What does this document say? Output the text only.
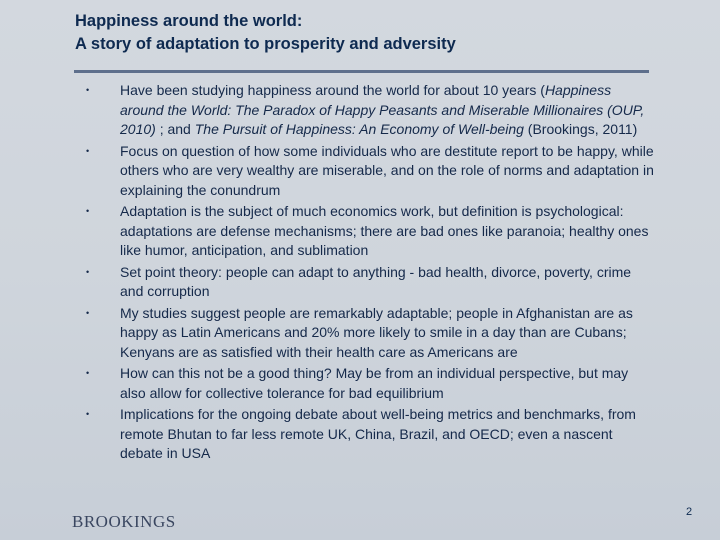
Happiness around the world:
A story of adaptation to prosperity and adversity
•	Have been studying happiness around the world for about 10 years (Happiness around the World: The Paradox of Happy Peasants and Miserable Millionaires (OUP, 2010) ; and The Pursuit of Happiness: An Economy of Well-being (Brookings, 2011)
•	Focus on question of how some individuals who are destitute report to be happy, while others who are very wealthy are miserable, and on the role of norms and adaptation in explaining the conundrum
•	Adaptation is the subject of much economics work, but definition is psychological: adaptations are defense mechanisms; there are bad ones like paranoia; healthy ones like humor, anticipation, and sublimation
•	Set point theory: people can adapt to anything - bad health, divorce, poverty, crime and corruption
•	My studies suggest people are remarkably adaptable; people in Afghanistan are as happy as Latin Americans and 20% more likely to smile in a day than are Cubans; Kenyans are as satisfied with their health care as Americans are
•	How can this not be a good thing? May be from an individual perspective, but may also allow for collective tolerance for bad equilibrium
•	Implications for the ongoing debate about well-being metrics and benchmarks, from remote Bhutan to far less remote UK, China, Brazil, and OECD; even a nascent debate in USA
BROOKINGS	2
